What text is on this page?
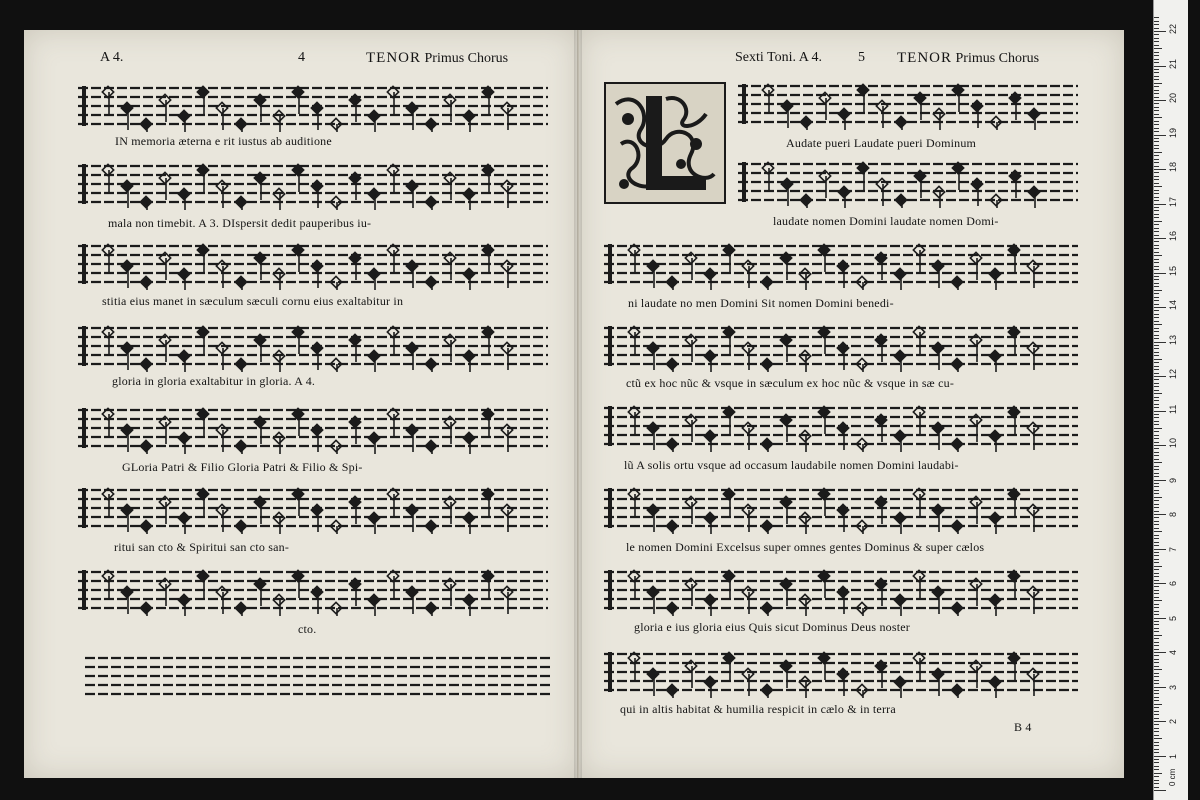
A 4.	4	TENOR Primus Chorus	Sexti Toni. A 4.	5 TENOR Primus Chorus
IN memoria æterna e rit iustus ab auditione
mala non timebit. A 3. DIspersit dedit pauperibus iu-
stitia eius manet in sæculum sæculi cornu eius exaltabitur in
gloria in gloria exaltabitur in gloria. A 4.
GLoria Patri & Filio Gloria Patri & Filio & Spi-
ritui san cto & Spiritui san cto san-
cto.
Audate pueri Laudate pueri Dominum
laudate nomen Domini laudate nomen Domi-
ni laudate no men Domini Sit nomen Domini benedi-
ctũ ex hoc nũc & vsque in sæculum ex hoc nũc & vsque in sæ cu-
lũ A solis ortu vsque ad occasum laudabile nomen Domini laudabi-
le nomen Domini Excelsus super omnes gentes Dominus & super cælos
gloria e ius gloria eius Quis sicut Dominus Deus noster
qui in altis habitat & humilia respicit in cælo & in terra
B 4
0 cm
1
2
3
4
5
6
7
8
9
10
11
12
13
14
15
16
17
18
19
20
21
22
